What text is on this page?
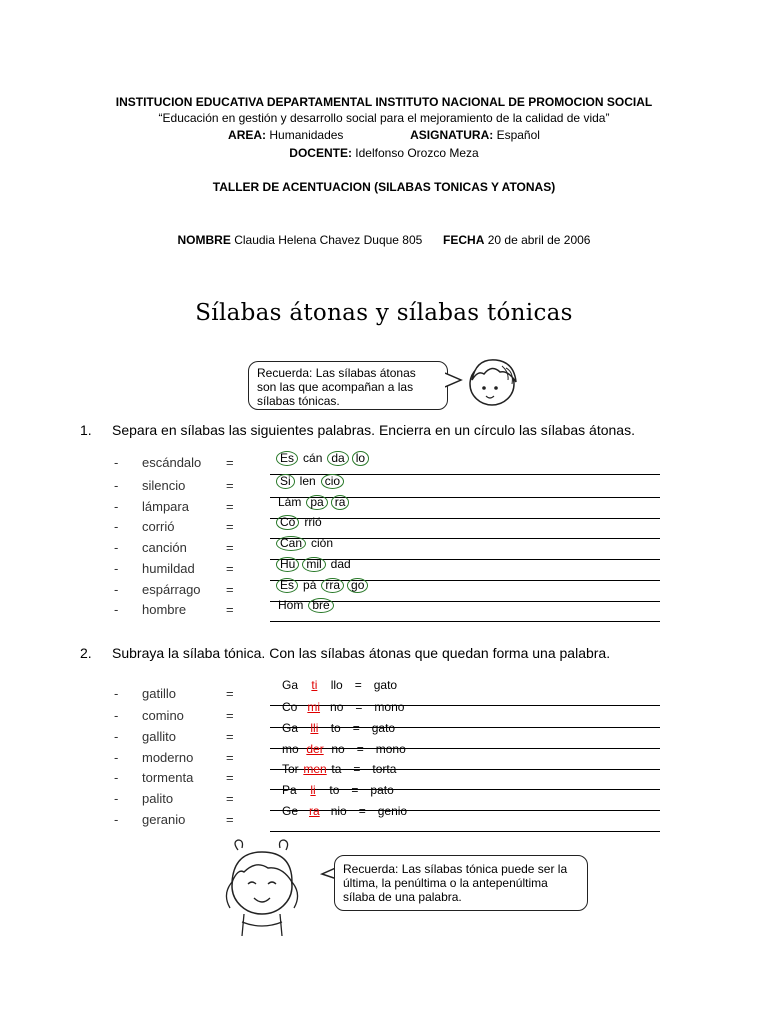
INSTITUCION EDUCATIVA DEPARTAMENTAL INSTITUTO NACIONAL DE PROMOCION SOCIAL
“Educación en gestión y desarrollo social para el mejoramiento de la calidad de vida”
AREA: Humanidades	ASIGNATURA: Español
DOCENTE: Idelfonso Orozco Meza
TALLER DE ACENTUACION (SILABAS TONICAS Y ATONAS)
NOMBRE Claudia Helena Chavez Duque 805 FECHA 20 de abril de 2006
Sílabas átonas y sílabas tónicas
Recuerda: Las sílabas átonas
son las que acompañan a las
sílabas tónicas.
1. Separa en sílabas las siguientes palabras. Encierra en un círculo las sílabas átonas.
- escándalo =	Es cán da lo
- silencio	=	Si len cio
- lámpara	=	Lám pa ra
- corrió	=	Co rrió
- canción	=	Can ción
- humildad =	Hu mil dad
- espárrago =	Es pá rra go
- hombre	=	Hom bre
2. Subraya la sílaba tónica. Con las sílabas átonas que quedan forma una palabra.
- gatillo	=
Ga ti llo = gato
- comino	=
Co mi no = mono
- gallito	=
Ga lli to = gato
- moderno	=
mo der no = mono
- tormenta	=
Tor men ta = torta
- palito	=
Pa li to = pato
- geranio	=
Ge ra nio = genio
Recuerda: Las sílabas tónica puede ser la
última, la penúltima o la antepenúltima
sílaba de una palabra.
